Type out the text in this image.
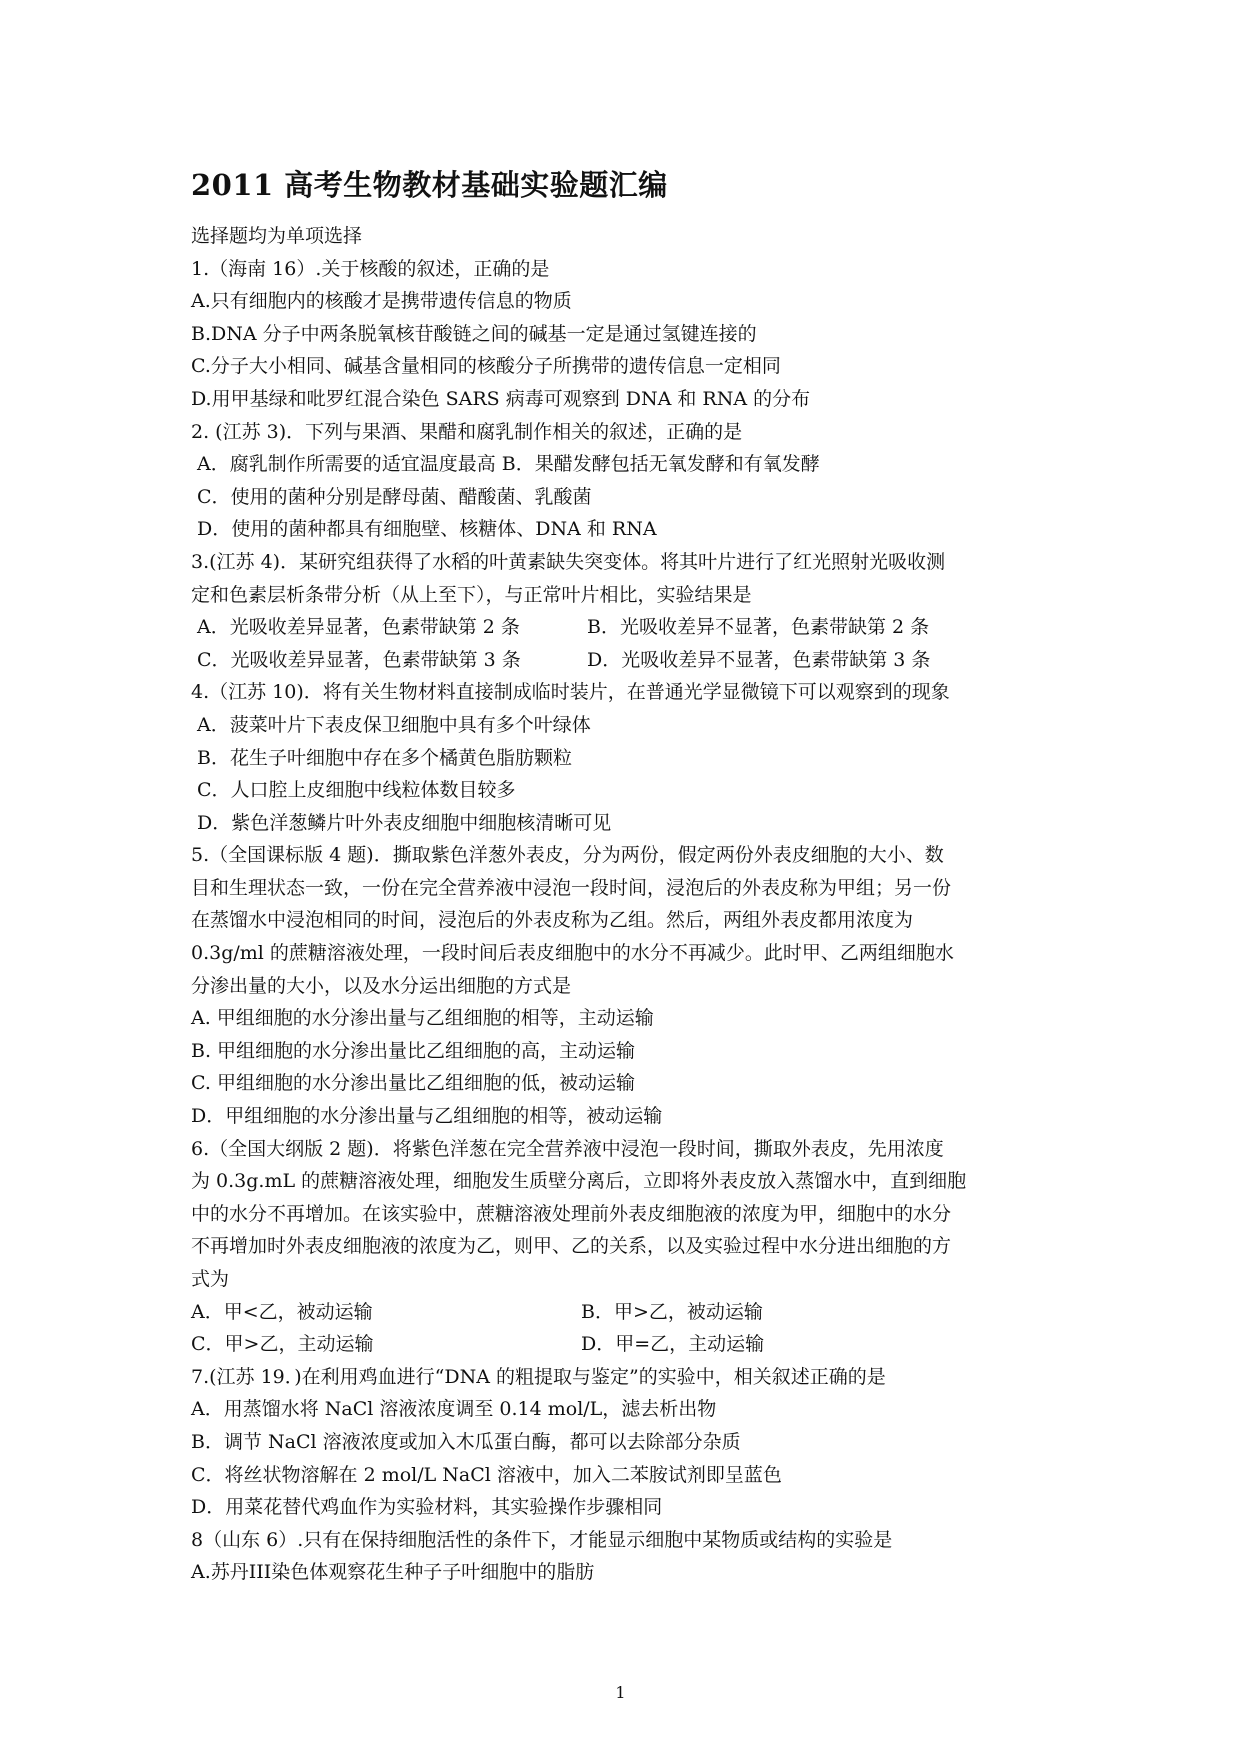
2011 高考生物教材基础实验题汇编
选择题均为单项选择
1.（海南 16）.关于核酸的叙述，正确的是
A.只有细胞内的核酸才是携带遗传信息的物质
B.DNA 分子中两条脱氧核苷酸链之间的碱基一定是通过氢键连接的
C.分子大小相同、碱基含量相同的核酸分子所携带的遗传信息一定相同
D.用甲基绿和吡罗红混合染色 SARS 病毒可观察到 DNA 和 RNA 的分布
2. (江苏 3)．下列与果酒、果醋和腐乳制作相关的叙述，正确的是
A．腐乳制作所需要的适宜温度最高 B．果醋发酵包括无氧发酵和有氧发酵
C．使用的菌种分别是酵母菌、醋酸菌、乳酸菌
D．使用的菌种都具有细胞壁、核糖体、DNA 和 RNA
3.(江苏 4)．某研究组获得了水稻的叶黄素缺失突变体。将其叶片进行了红光照射光吸收测
定和色素层析条带分析（从上至下），与正常叶片相比，实验结果是
A．光吸收差异显著，色素带缺第 2 条	B．光吸收差异不显著，色素带缺第 2 条
C．光吸收差异显著，色素带缺第 3 条	D．光吸收差异不显著，色素带缺第 3 条
4.（江苏 10)．将有关生物材料直接制成临时装片，在普通光学显微镜下可以观察到的现象
A．菠菜叶片下表皮保卫细胞中具有多个叶绿体
B．花生子叶细胞中存在多个橘黄色脂肪颗粒
C．人口腔上皮细胞中线粒体数目较多
D．紫色洋葱鳞片叶外表皮细胞中细胞核清晰可见
5.（全国课标版 4 题)．撕取紫色洋葱外表皮，分为两份，假定两份外表皮细胞的大小、数
目和生理状态一致，一份在完全营养液中浸泡一段时间，浸泡后的外表皮称为甲组；另一份
在蒸馏水中浸泡相同的时间，浸泡后的外表皮称为乙组。然后，两组外表皮都用浓度为
0.3g/ml 的蔗糖溶液处理，一段时间后表皮细胞中的水分不再减少。此时甲、乙两组细胞水
分渗出量的大小，以及水分运出细胞的方式是
A. 甲组细胞的水分渗出量与乙组细胞的相等，主动运输
B. 甲组细胞的水分渗出量比乙组细胞的高，主动运输
C. 甲组细胞的水分渗出量比乙组细胞的低，被动运输
D．甲组细胞的水分渗出量与乙组细胞的相等，被动运输
6.（全国大纲版 2 题)．将紫色洋葱在完全营养液中浸泡一段时间，撕取外表皮，先用浓度
为 0.3g.mL 的蔗糖溶液处理，细胞发生质壁分离后，立即将外表皮放入蒸馏水中，直到细胞
中的水分不再增加。在该实验中，蔗糖溶液处理前外表皮细胞液的浓度为甲，细胞中的水分
不再增加时外表皮细胞液的浓度为乙，则甲、乙的关系，以及实验过程中水分进出细胞的方
式为
A．甲<乙，被动运输	B．甲>乙，被动运输
C．甲>乙，主动运输	D．甲=乙，主动运输
7.(江苏 19．)在利用鸡血进行“DNA 的粗提取与鉴定”的实验中，相关叙述正确的是
A．用蒸馏水将 NaCl 溶液浓度调至 0.14 mol/L，滤去析出物
B．调节 NaCl 溶液浓度或加入木瓜蛋白酶，都可以去除部分杂质
C．将丝状物溶解在 2 mol/L NaCl 溶液中，加入二苯胺试剂即呈蓝色
D．用菜花替代鸡血作为实验材料，其实验操作步骤相同
8（山东 6）.只有在保持细胞活性的条件下，才能显示细胞中某物质或结构的实验是
A.苏丹III染色体观察花生种子子叶细胞中的脂肪
1
